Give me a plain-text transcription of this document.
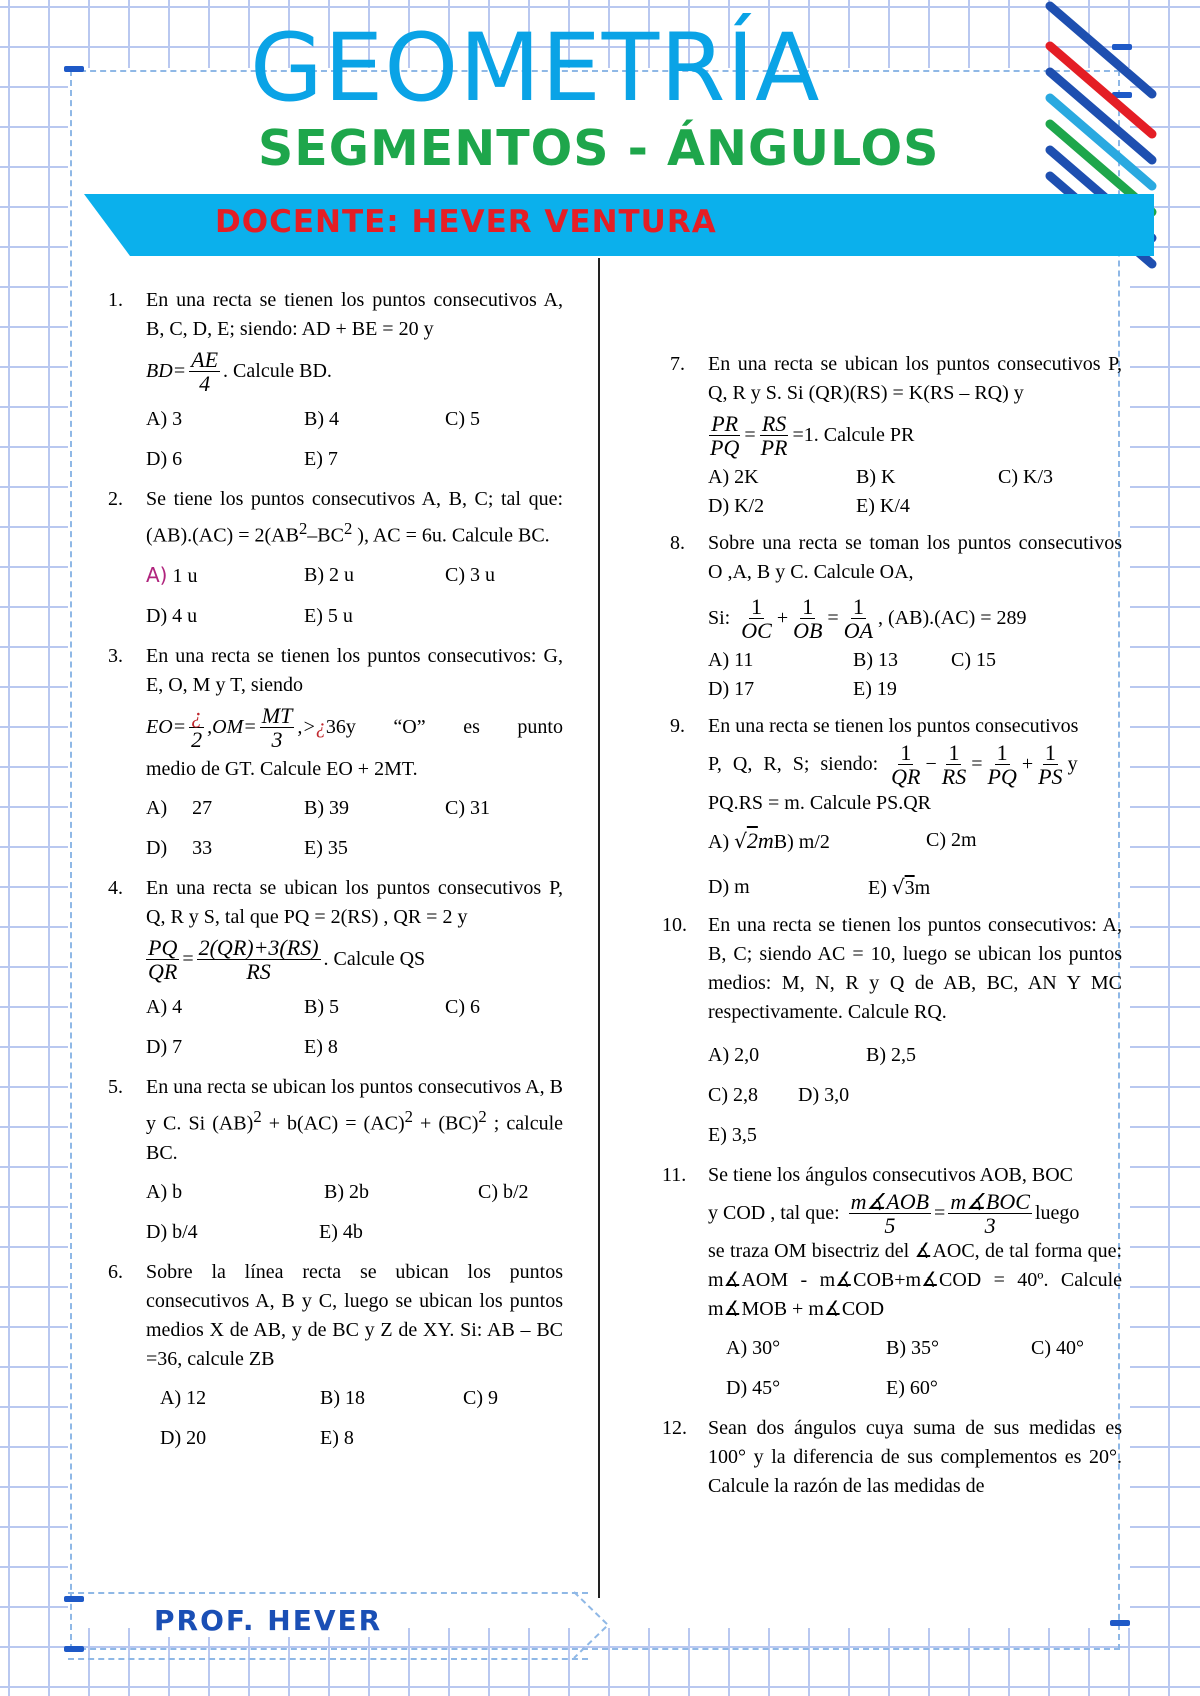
GEOMETRÍA
SEGMENTOS - ÁNGULOS
DOCENTE: HEVER VENTURA
1. En una recta se tienen los puntos consecutivos A, B, C, D, E; siendo: AD + BE = 20 y
$BD= \frac{AE}{4}$ . Calcule BD.
A) 3	B) 4	C) 5
D) 6	E) 7
2. Se tiene los puntos consecutivos A, B, C; tal que: $(AB).(AC) = 2(AB^2-BC^2$ ), AC = 6u. Calcule BC.
A) 1 u	B) 2 u	C) 3 u
D) 4 u	E) 5 u
3. En una recta se tienen los puntos consecutivos: G, E, O, M y T, siendo
$EO= \frac{¿}{2} ,OM= \frac{MT}{3}$ ,> ¿ 36y “O” es punto
medio de GT. Calcule EO + 2MT.
A)     27	B) 39	C) 31
D)     33	E) 35
4. En una recta se ubican los puntos consecutivos P, Q, R y S, tal que PQ = 2(RS) , QR = 2 y
$\frac{PQ}{QR} = \frac{2(QR)+3(RS)}{RS}$ . Calcule QS
A) 4	B) 5	C) 6
D) 7	E) 8
5. En una recta se ubican los puntos consecutivos A, B y C. Si (AB)$^2$ + b(AC) = (AC)$^2$ + (BC)$^2$ ; calcule BC.
A) b	B) 2b	C) b/2
D) b/4	E) 4b
6. Sobre la línea recta se ubican los puntos consecutivos A, B y C, luego se ubican los puntos medios X de AB, y de BC y Z de XY. Si: AB – BC =36, calcule ZB
A) 12	B) 18	C) 9
D) 20	E) 8
7. En una recta se ubican los puntos consecutivos P, Q, R y S. Si (QR)(RS) = K(RS – RQ) y
$\frac{PR}{PQ} = \frac{RS}{PR} =1$ . Calcule PR
A) 2K	B) K	C) K/3
D) K/2	E) K/4
8. Sobre una recta se toman los puntos consecutivos O ,A, B y C. Calcule OA,
Si: $\frac{1}{OC} + \frac{1}{OB} = \frac{1}{OA}$ , (AB).(AC) = 289
A) 11	B) 13	C) 15
D) 17	E) 19
9. En una recta se tienen los puntos consecutivos
P, Q, R, S; siendo: $\frac{1}{QR} - \frac{1}{RS} = \frac{1}{PQ} + \frac{1}{PS}$ y
PQ.RS = m. Calcule PS.QR
A) √2mB) m/2	C) 2m
D) m	E) √3m
10. En una recta se tienen los puntos consecutivos: A, B, C; siendo AC = 10, luego se ubican los puntos medios: M, N, R y Q de AB, BC, AN Y MC respectivamente. Calcule RQ.
A) 2,0	B) 2,5
C) 2,8	D) 3,0
E) 3,5
11. Se tiene los ángulos consecutivos AOB, BOC
y COD , tal que: $\frac{\text{m∡AOB}}{5} = \frac{\text{m∡BOC}}{3}$ luego
se traza OM bisectriz del ∡AOC, de tal forma que: m∡AOM - m∡COB+m∡COD = 40º. Calcule m∡MOB + m∡COD
A) 30°	B) 35°	C) 40°
D) 45°	E) 60°
12. Sean dos ángulos cuya suma de sus medidas es 100° y la diferencia de sus complementos es 20°. Calcule la razón de las medidas de
PROF. HEVER
